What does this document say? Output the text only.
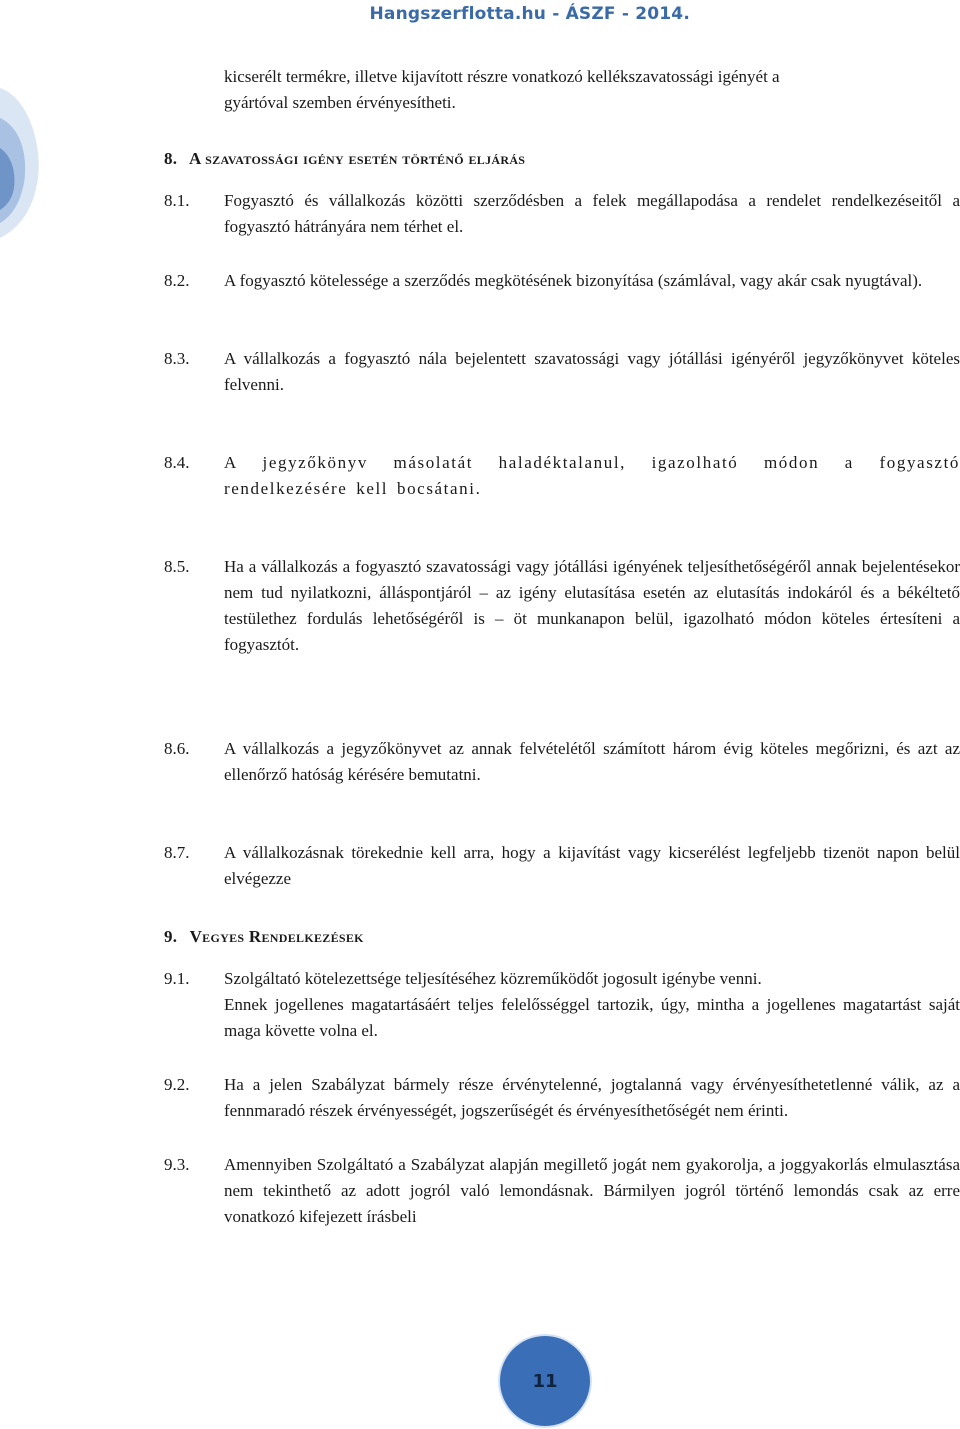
Hangszerflotta.hu - ÁSZF - 2014.
kicserélt termékre, illetve kijavított részre vonatkozó kellékszavatossági igényét a
gyártóval szemben érvényesítheti.
8. A szavatossági igény esetén történő eljárás
8.1.	Fogyasztó és vállalkozás közötti szerződésben a felek megállapodása a rendelet rendelkezéseitől a fogyasztó hátrányára nem térhet el.
8.2.	A fogyasztó kötelessége a szerződés megkötésének bizonyítása (számlával, vagy akár csak nyugtával).
8.3.	A vállalkozás a fogyasztó nála bejelentett szavatossági vagy jótállási igényéről jegyzőkönyvet köteles felvenni.
8.4.	A jegyzőkönyv másolatát haladéktalanul, igazolható módon a fogyasztó rendelkezésére kell bocsátani.
8.5.	Ha a vállalkozás a fogyasztó szavatossági vagy jótállási igényének teljesíthetőségéről annak bejelentésekor nem tud nyilatkozni, álláspontjáról – az igény elutasítása esetén az elutasítás indokáról és a békéltető testülethez fordulás lehetőségéről is – öt munkanapon belül, igazolható módon köteles értesíteni a fogyasztót.
8.6.	A vállalkozás a jegyzőkönyvet az annak felvételétől számított három évig köteles megőrizni, és azt az ellenőrző hatóság kérésére bemutatni.
8.7.	A vállalkozásnak törekednie kell arra, hogy a kijavítást vagy kicserélést legfeljebb tizenöt napon belül elvégezze
9. Vegyes Rendelkezések
9.1.	Szolgáltató kötelezettsége teljesítéséhez közreműködőt jogosult igénybe venni.
Ennek jogellenes magatartásáért teljes felelősséggel tartozik, úgy, mintha a jogellenes magatartást saját maga követte volna el.
9.2.	Ha a jelen Szabályzat bármely része érvénytelenné, jogtalanná vagy érvényesíthetetlenné válik, az a fennmaradó részek érvényességét, jogszerűségét és érvényesíthetőségét nem érinti.
9.3.	Amennyiben Szolgáltató a Szabályzat alapján megillető jogát nem gyakorolja, a joggyakorlás elmulasztása nem tekinthető az adott jogról való lemondásnak. Bármilyen jogról történő lemondás csak az erre vonatkozó kifejezett írásbeli
11
